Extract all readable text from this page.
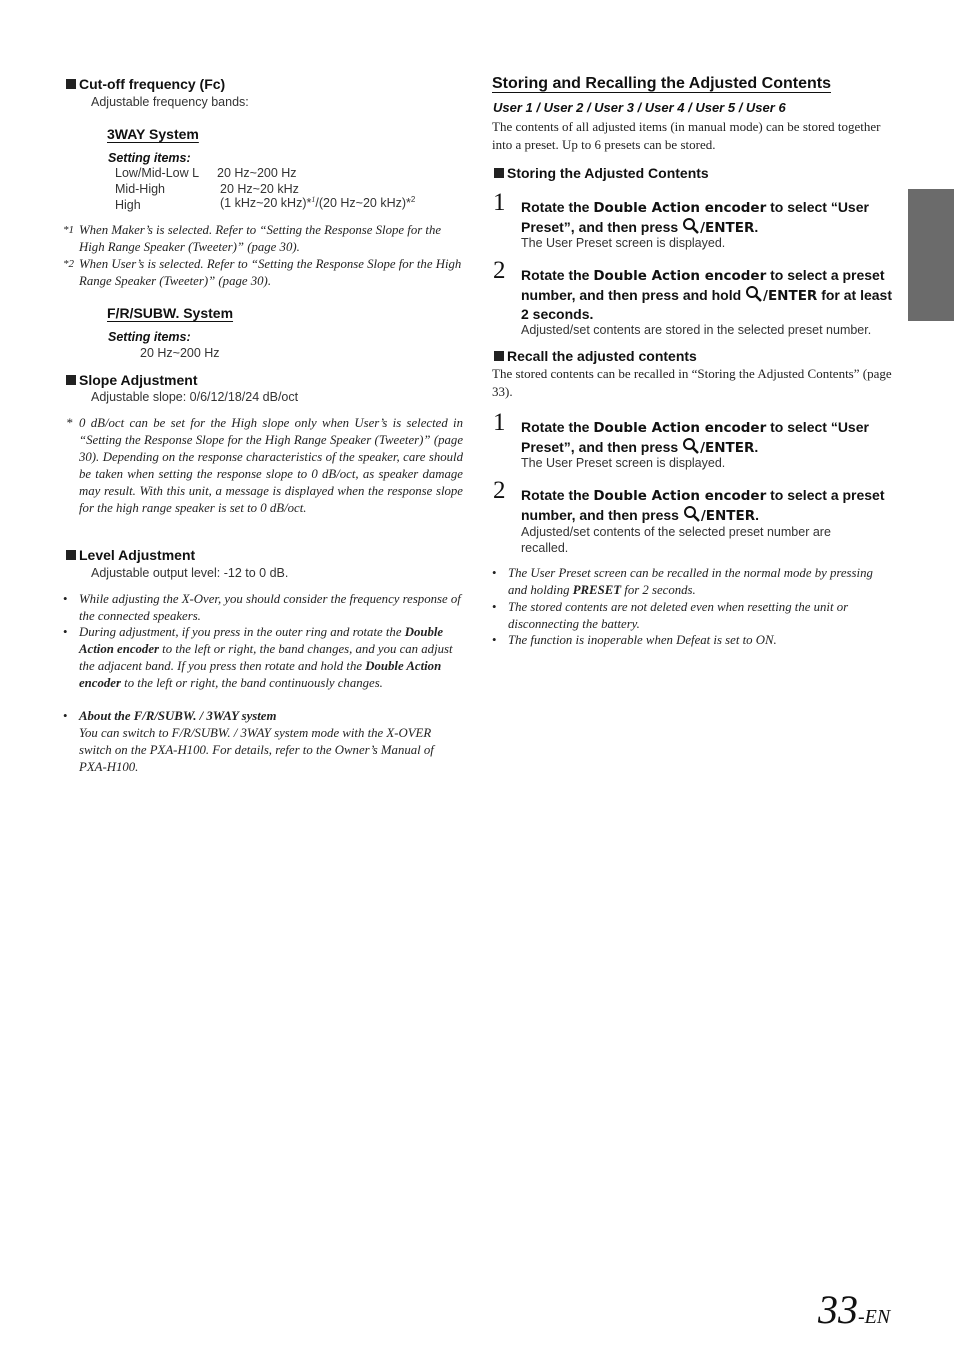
Cut-off frequency (Fc)
Adjustable frequency bands:
3WAY System
Setting items:
Low/Mid-Low L 20 Hz~200 Hz
Mid-High	20 Hz~20 kHz
High	(1 kHz~20 kHz)*$^1$/(20 Hz~20 kHz)*$^2$
*1 When Maker’s is selected. Refer to “Setting the Response Slope for the High Range Speaker (Tweeter)” (page 30).
*2 When User’s is selected. Refer to “Setting the Response Slope for the High Range Speaker (Tweeter)” (page 30).
F/R/SUBW. System
Setting items:
20 Hz~200 Hz
Slope Adjustment
Adjustable slope: 0/6/12/18/24 dB/oct
* 0 dB/oct can be set for the High slope only when User’s is selected in “Setting the Response Slope for the High Range Speaker (Tweeter)” (page 30). Depending on the response characteristics of the speaker, care should be taken when setting the response slope to 0 dB/oct, as speaker damage may result. With this unit, a message is displayed when the response slope for the high range speaker is set to 0 dB/oct.
Level Adjustment
Adjustable output level: -12 to 0 dB.
• While adjusting the X-Over, you should consider the frequency response of the connected speakers.
• During adjustment, if you press in the outer ring and rotate the Double Action encoder to the left or right, the band changes, and you can adjust the adjacent band. If you press then rotate and hold the Double Action encoder to the left or right, the band continuously changes.
• About the F/R/SUBW. / 3WAY system
You can switch to F/R/SUBW. / 3WAY system mode with the X-OVER switch on the PXA-H100. For details, refer to the Owner’s Manual of PXA-H100.
Storing and Recalling the Adjusted Contents
User 1 / User 2 / User 3 / User 4 / User 5 / User 6
The contents of all adjusted items (in manual mode) can be stored together into a preset. Up to 6 presets can be stored.
Storing the Adjusted Contents
1 Rotate the Double Action encoder to select “User Preset”, and then press /ENTER.
The User Preset screen is displayed.
2 Rotate the Double Action encoder to select a preset number, and then press and hold /ENTER for at least 2 seconds.
Adjusted/set contents are stored in the selected preset number.
Recall the adjusted contents
The stored contents can be recalled in “Storing the Adjusted Contents” (page 33).
1 Rotate the Double Action encoder to select “User Preset”, and then press /ENTER.
The User Preset screen is displayed.
2 Rotate the Double Action encoder to select a preset number, and then press /ENTER.
Adjusted/set contents of the selected preset number are recalled.
• The User Preset screen can be recalled in the normal mode by pressing and holding PRESET for 2 seconds.
• The stored contents are not deleted even when resetting the unit or disconnecting the battery.
• The function is inoperable when Defeat is set to ON.
33-EN
